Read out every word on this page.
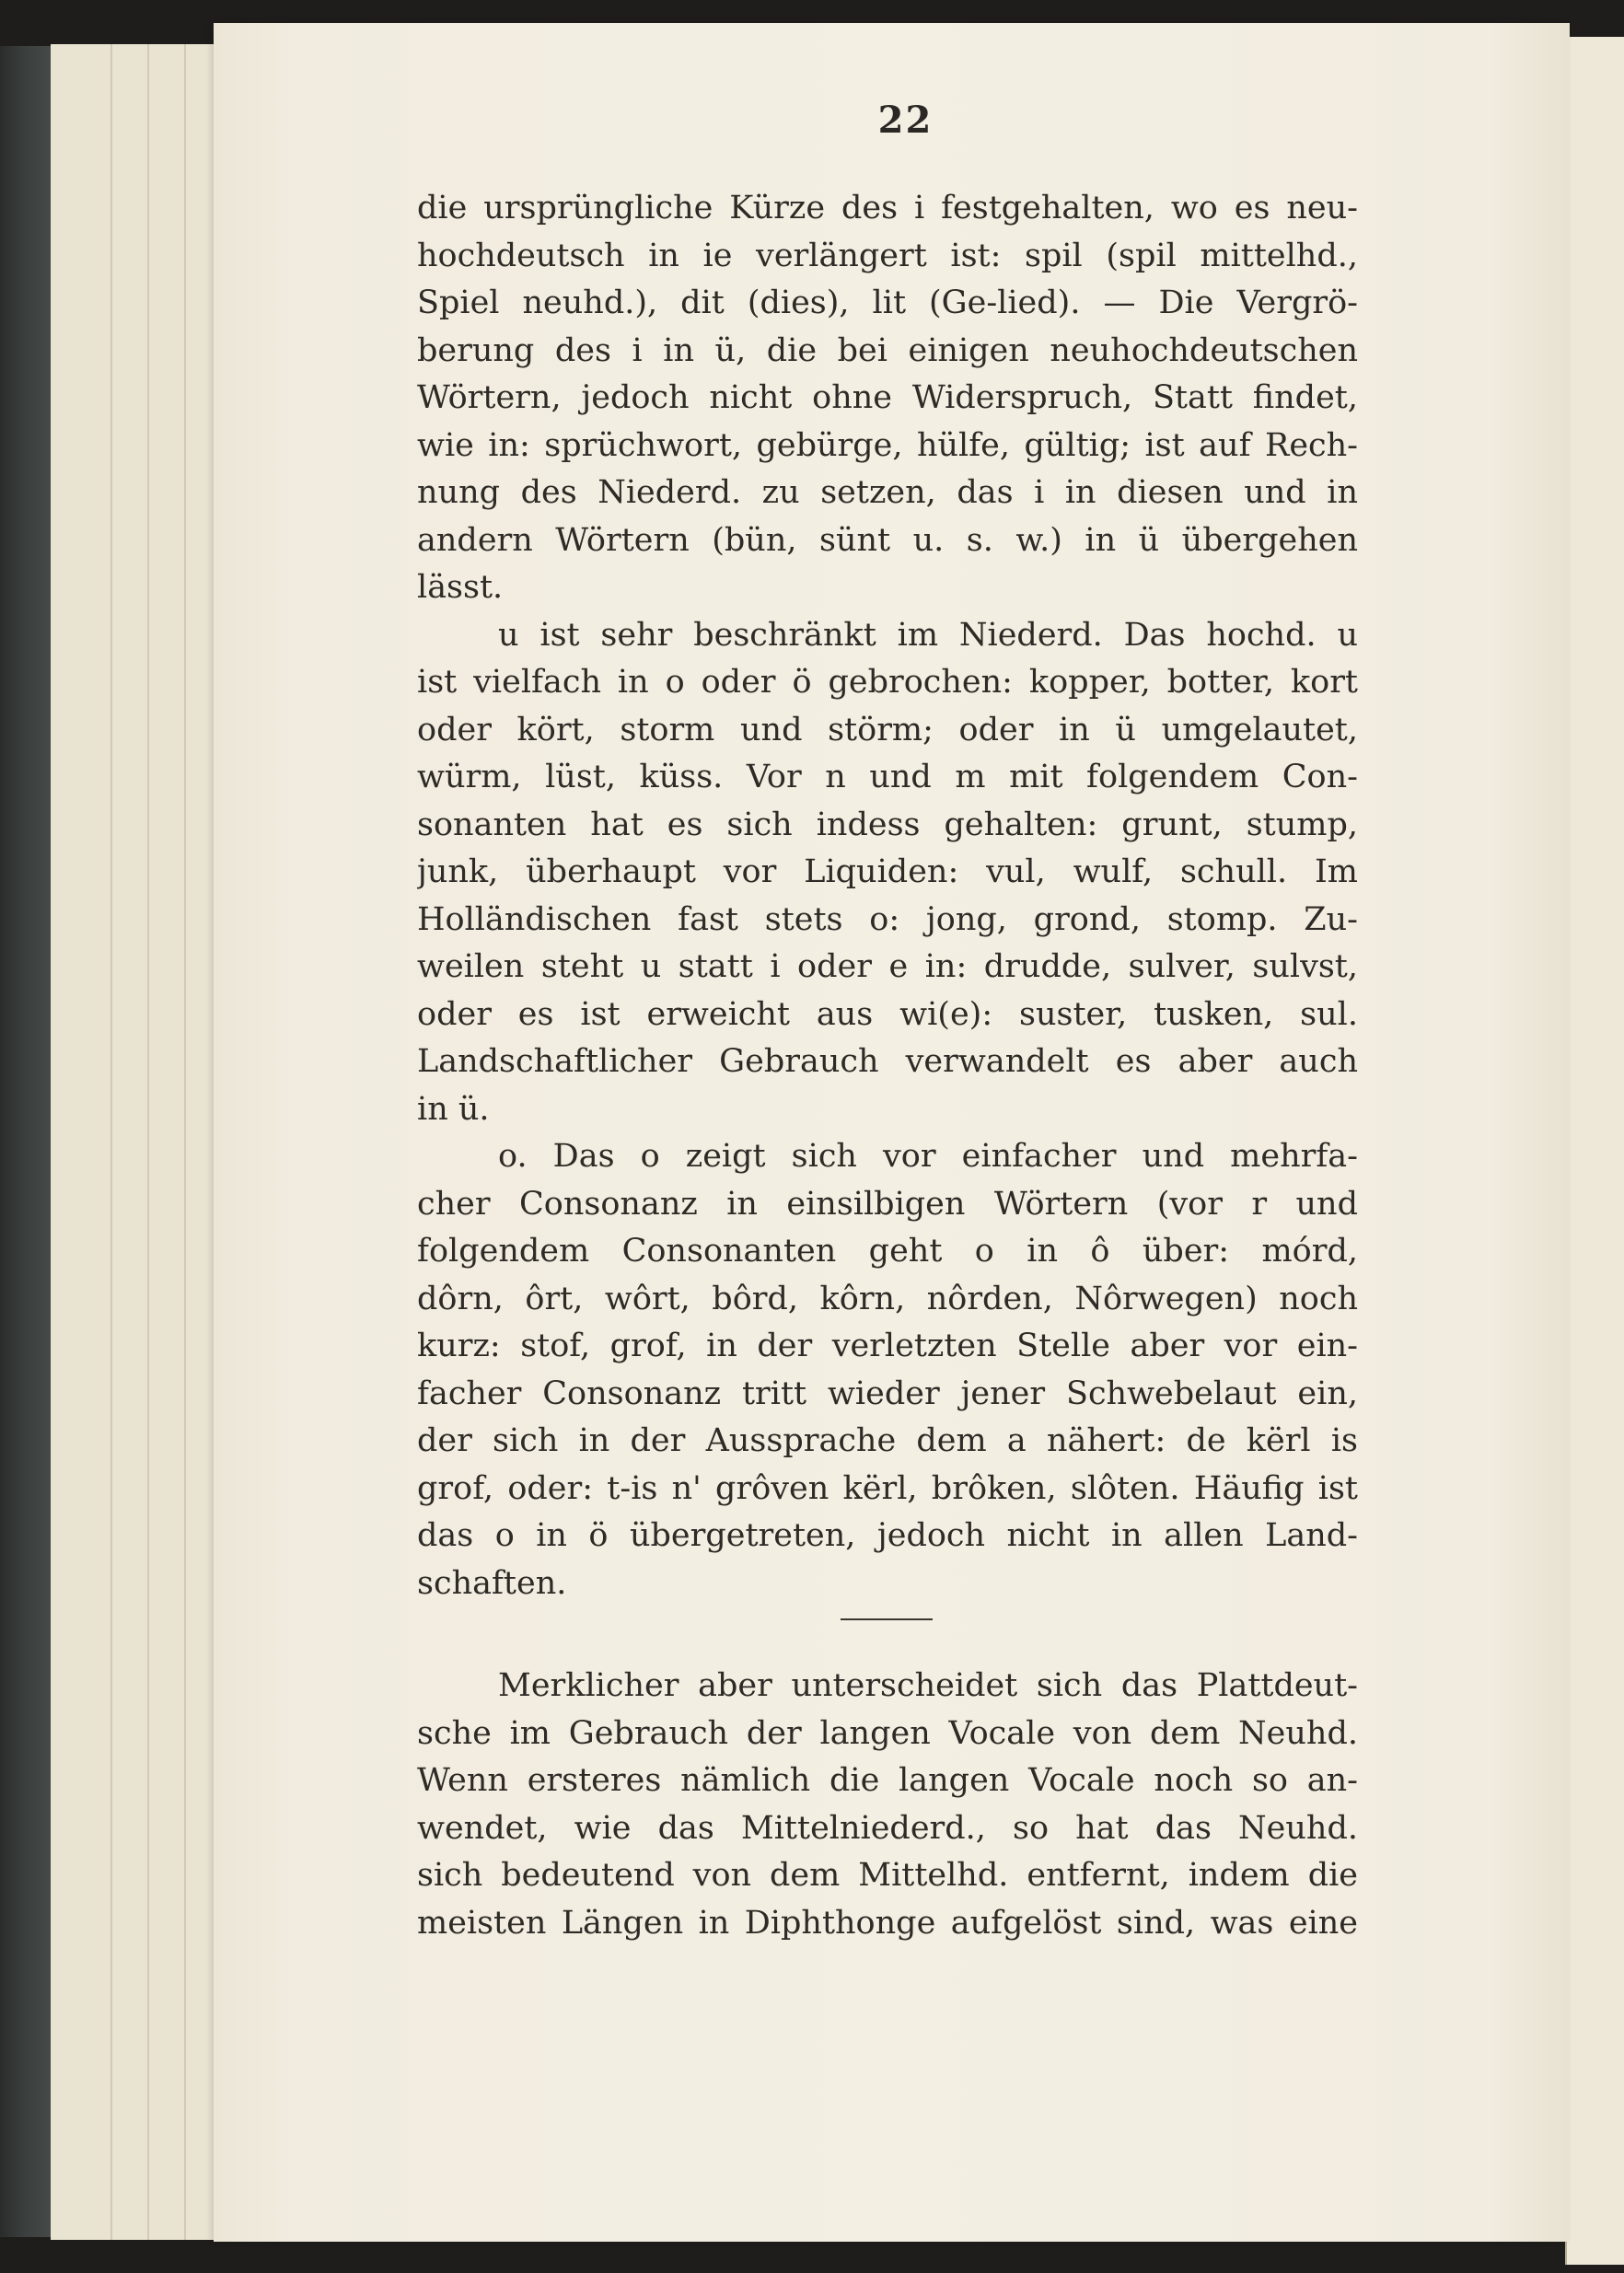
22
die ursprüngliche Kürze des i festgehalten, wo es neu-
hochdeutsch in ie verlängert ist: spil (spil mittelhd.,
Spiel neuhd.), dit (dies), lit (Ge-lied). — Die Vergrö-
berung des i in ü, die bei einigen neuhochdeutschen
Wörtern, jedoch nicht ohne Widerspruch, Statt findet,
wie in: sprüchwort, gebürge, hülfe, gültig; ist auf Rech-
nung des Niederd. zu setzen, das i in diesen und in
andern Wörtern (bün, sünt u. s. w.) in ü übergehen
lässt.
u ist sehr beschränkt im Niederd. Das hochd. u
ist vielfach in o oder ö gebrochen: kopper, botter, kort
oder kört, storm und störm; oder in ü umgelautet,
würm, lüst, küss. Vor n und m mit folgendem Con-
sonanten hat es sich indess gehalten: grunt, stump,
junk, überhaupt vor Liquiden: vul, wulf, schull. Im
Holländischen fast stets o: jong, grond, stomp. Zu-
weilen steht u statt i oder e in: drudde, sulver, sulvst,
oder es ist erweicht aus wi(e): suster, tusken, sul.
Landschaftlicher Gebrauch verwandelt es aber auch
in ü.
o. Das o zeigt sich vor einfacher und mehrfa-
cher Consonanz in einsilbigen Wörtern (vor r und
folgendem Consonanten geht o in ô über: mórd,
dôrn, ôrt, wôrt, bôrd, kôrn, nôrden, Nôrwegen) noch
kurz: stof, grof, in der verletzten Stelle aber vor ein-
facher Consonanz tritt wieder jener Schwebelaut ein,
der sich in der Aussprache dem a nähert: de kërl is
grof, oder: t-is n' grôven kërl, brôken, slôten. Häufig ist
das o in ö übergetreten, jedoch nicht in allen Land-
schaften.
Merklicher aber unterscheidet sich das Plattdeut-
sche im Gebrauch der langen Vocale von dem Neuhd.
Wenn ersteres nämlich die langen Vocale noch so an-
wendet, wie das Mittelniederd., so hat das Neuhd.
sich bedeutend von dem Mittelhd. entfernt, indem die
meisten Längen in Diphthonge aufgelöst sind, was eine
